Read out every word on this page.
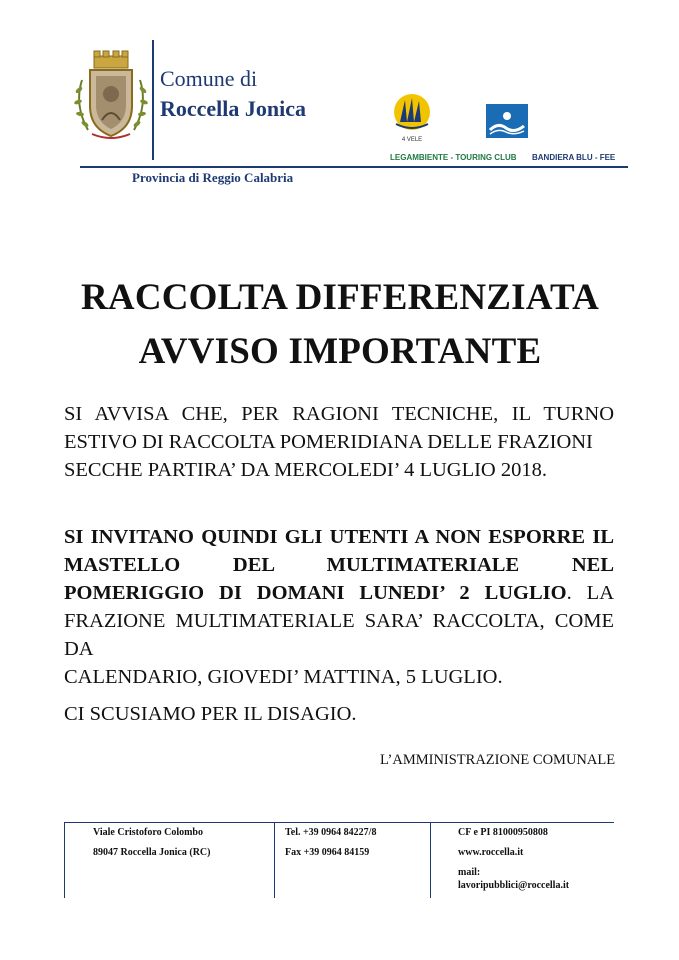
Comune di
Roccella Jonica
4 VELE
LEGAMBIENTE - TOURING CLUB BANDIERA BLU - FEE
Provincia di Reggio Calabria
RACCOLTA DIFFERENZIATA
AVVISO IMPORTANTE
SI AVVISA CHE, PER RAGIONI TECNICHE, IL TURNO ESTIVO DI RACCOLTA POMERIDIANA DELLE FRAZIONI
SECCHE PARTIRA’ DA MERCOLEDI’ 4 LUGLIO 2018.
SI INVITANO QUINDI GLI UTENTI A NON ESPORRE IL MASTELLO DEL MULTIMATERIALE NEL POMERIGGIO DI DOMANI LUNEDI’ 2 LUGLIO. LA FRAZIONE MULTIMATERIALE SARA’ RACCOLTA, COME DA
CALENDARIO, GIOVEDI’ MATTINA, 5 LUGLIO.
CI SCUSIAMO PER IL DISAGIO.
L’AMMINISTRAZIONE COMUNALE
Viale Cristoforo Colombo
89047 Roccella Jonica (RC)
Tel. +39 0964 84227/8
Fax +39 0964 84159
CF e PI 81000950808
www.roccella.it
mail:
lavoripubblici@roccella.it
